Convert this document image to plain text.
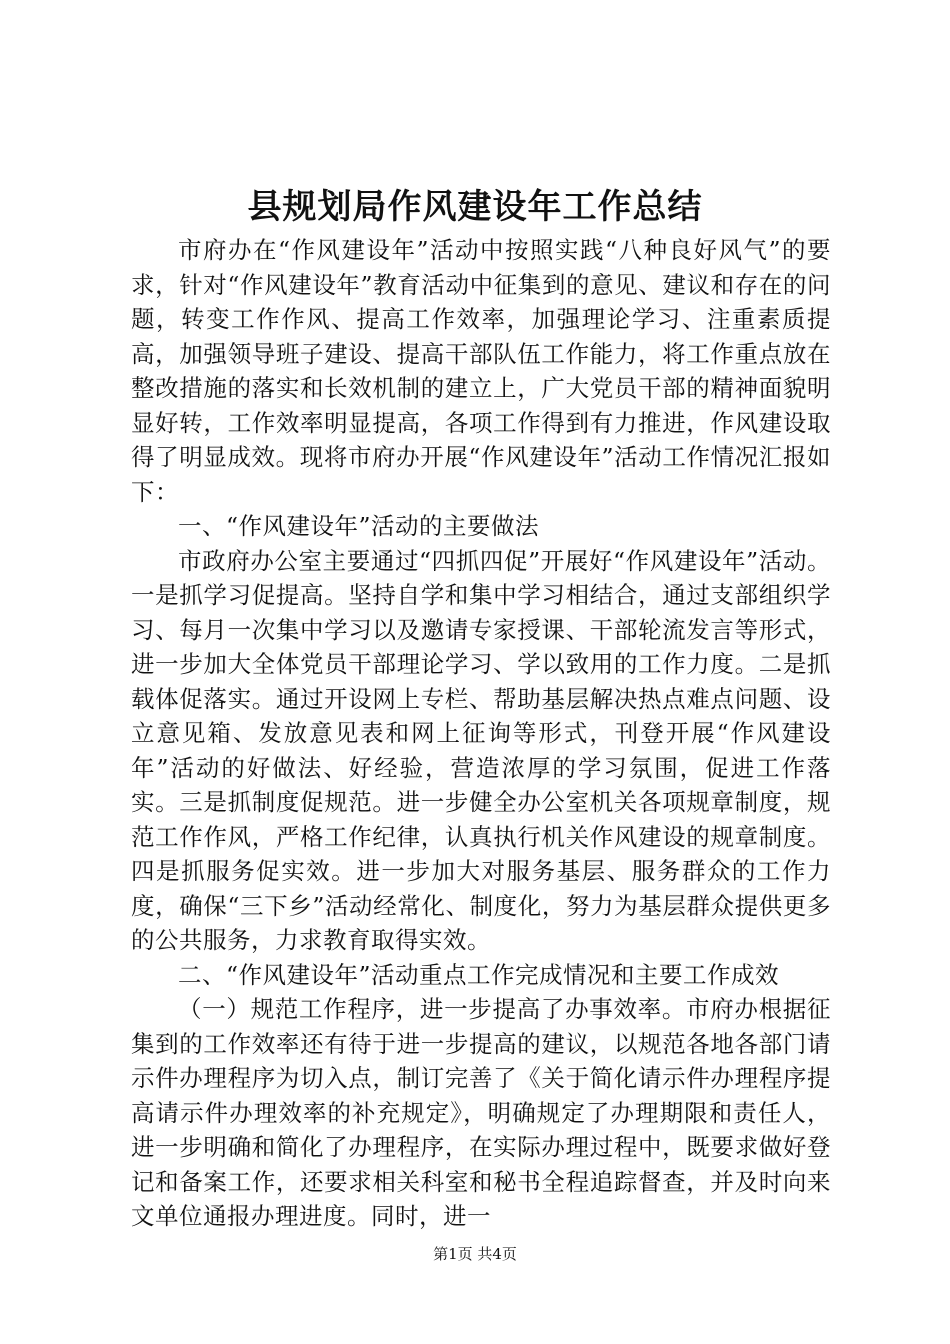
县规划局作风建设年工作总结

市府办在“作风建设年”活动中按照实践“八种良好风气”的要求，针对“作风建设年”教育活动中征集到的意见、建议和存在的问题，转变工作作风、提高工作效率，加强理论学习、注重素质提高，加强领导班子建设、提高干部队伍工作能力，将工作重点放在整改措施的落实和长效机制的建立上，广大党员干部的精神面貌明显好转，工作效率明显提高，各项工作得到有力推进，作风建设取得了明显成效。现将市府办开展“作风建设年”活动工作情况汇报如下：

一、“作风建设年”活动的主要做法

市政府办公室主要通过“四抓四促”开展好“作风建设年”活动。一是抓学习促提高。坚持自学和集中学习相结合，通过支部组织学习、每月一次集中学习以及邀请专家授课、干部轮流发言等形式，进一步加大全体党员干部理论学习、学以致用的工作力度。二是抓载体促落实。通过开设网上专栏、帮助基层解决热点难点问题、设立意见箱、发放意见表和网上征询等形式，刊登开展“作风建设年”活动的好做法、好经验，营造浓厚的学习氛围，促进工作落实。三是抓制度促规范。进一步健全办公室机关各项规章制度，规范工作作风，严格工作纪律，认真执行机关作风建设的规章制度。四是抓服务促实效。进一步加大对服务基层、服务群众的工作力度，确保“三下乡”活动经常化、制度化，努力为基层群众提供更多的公共服务，力求教育取得实效。

二、“作风建设年”活动重点工作完成情况和主要工作成效

（一）规范工作程序，进一步提高了办事效率。市府办根据征集到的工作效率还有待于进一步提高的建议，以规范各地各部门请示件办理程序为切入点，制订完善了《关于简化请示件办理程序提高请示件办理效率的补充规定》，明确规定了办理期限和责任人，进一步明确和简化了办理程序，在实际办理过程中，既要求做好登记和备案工作，还要求相关科室和秘书全程追踪督查，并及时向来文单位通报办理进度。同时，进一

第1页 共4页
